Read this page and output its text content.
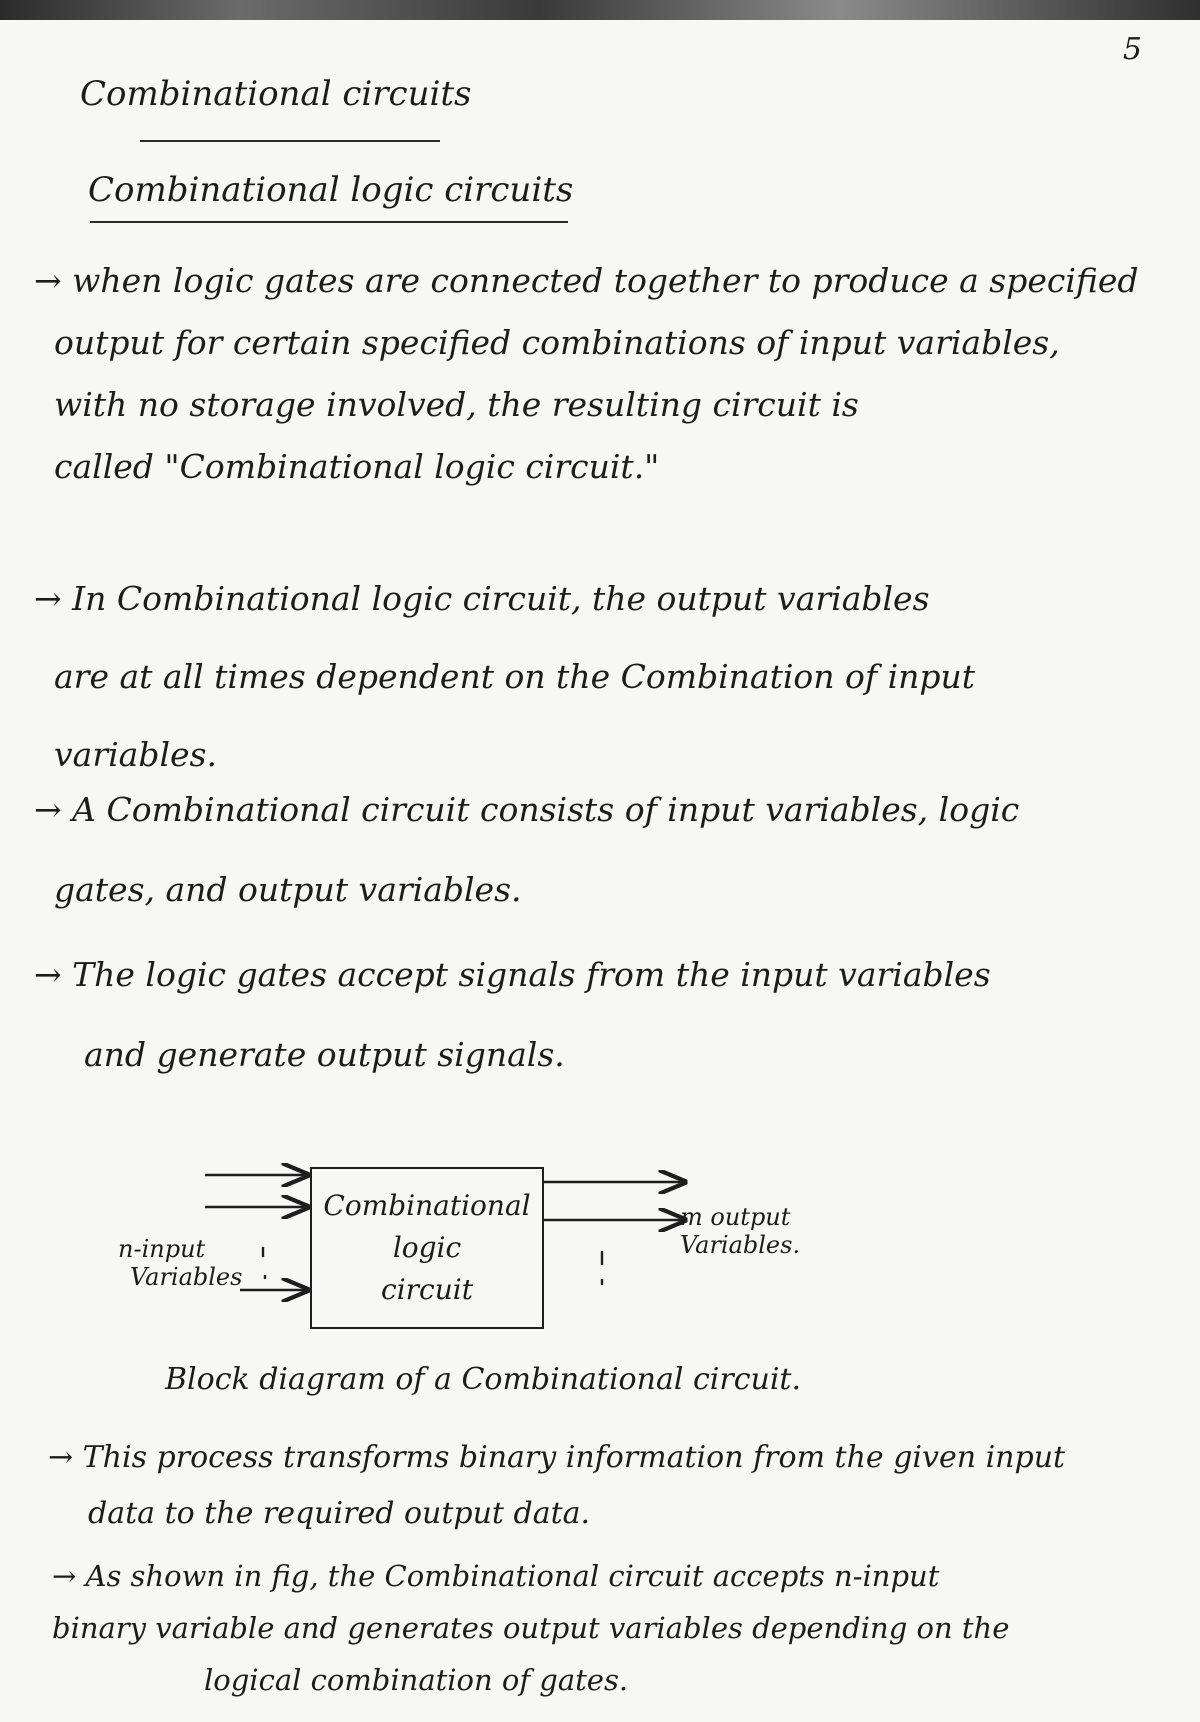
5
Combinational circuits
Combinational logic circuits
→ when logic gates are connected together to produce a specified
output for certain specified combinations of input variables,
with no storage involved, the resulting circuit is
called "Combinational logic circuit."
→ In Combinational logic circuit, the output variables
are at all times dependent on the Combination of input
variables.
→ A Combinational circuit consists of input variables, logic
gates, and output variables.
→ The logic gates accept signals from the input variables
and generate output signals.
Combinational
logic
circuit
n-input
Variables
m output
Variables.
Block diagram of a Combinational circuit.
→ This process transforms binary information from the given input
data to the required output data.
→ As shown in fig, the Combinational circuit accepts n-input
binary variable and generates output variables depending on the
logical combination of gates.
